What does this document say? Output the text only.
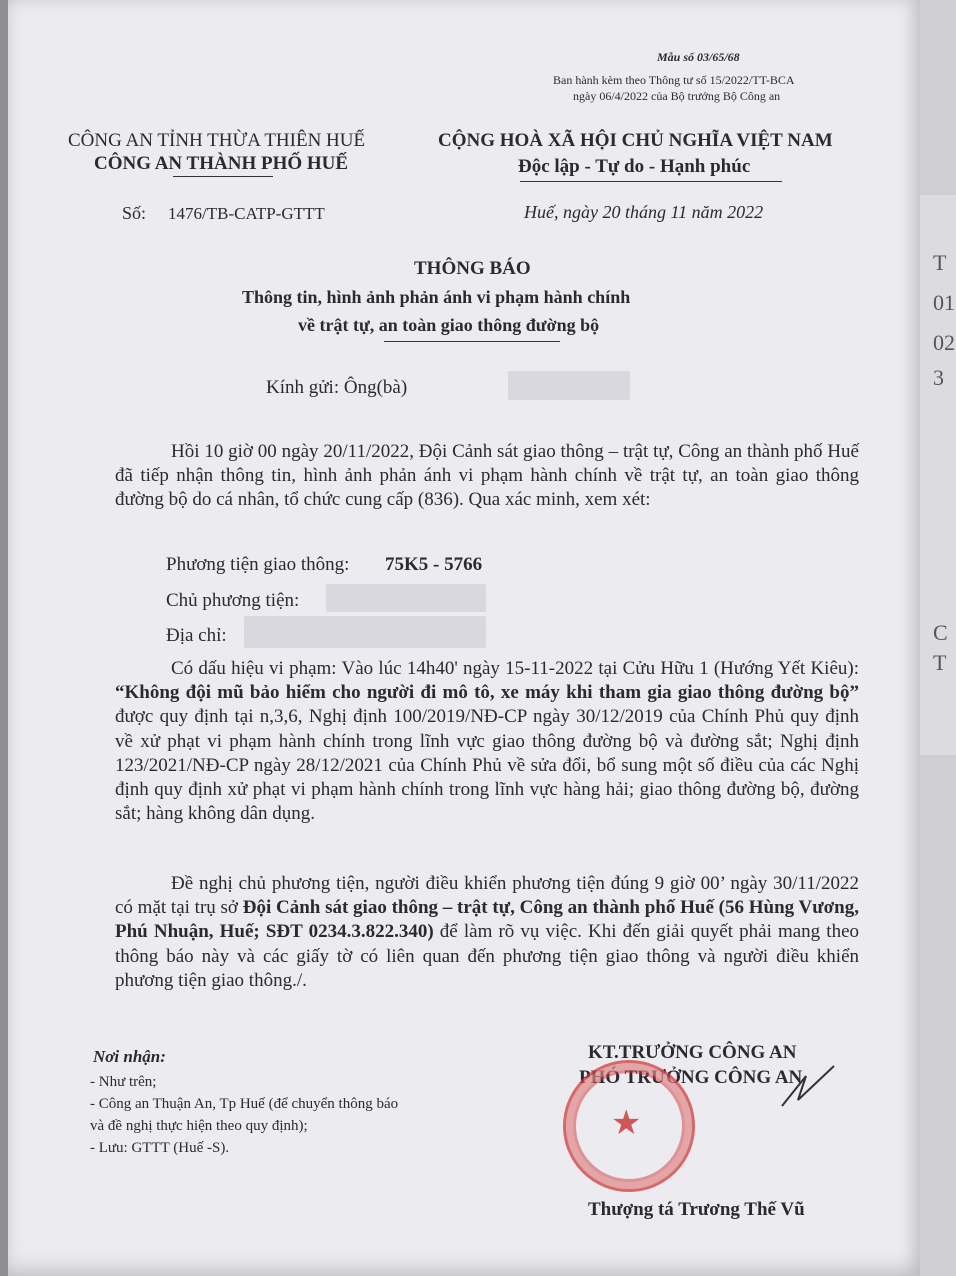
T
01
02
3
C
T
Mẫu số 03/65/68
Ban hành kèm theo Thông tư số 15/2022/TT-BCA
ngày 06/4/2022 của Bộ trưởng Bộ Công an
CÔNG AN TỈNH THỪA THIÊN HUẾ
CÔNG AN THÀNH PHỐ HUẾ
Số: 1476/TB-CATP-GTTT
CỘNG HOÀ XÃ HỘI CHỦ NGHĨA VIỆT NAM
Độc lập - Tự do - Hạnh phúc
Huế, ngày 20 tháng 11 năm 2022
THÔNG BÁO
Thông tin, hình ảnh phản ánh vi phạm hành chính
về trật tự, an toàn giao thông đường bộ
Kính gửi: Ông(bà)
Hồi 10 giờ 00 ngày 20/11/2022, Đội Cảnh sát giao thông – trật tự, Công an thành phố Huế đã tiếp nhận thông tin, hình ảnh phản ánh vi phạm hành chính về trật tự, an toàn giao thông đường bộ do cá nhân, tổ chức cung cấp (836). Qua xác minh, xem xét:
Phương tiện giao thông: 75K5 - 5766
Chủ phương tiện:
Địa chỉ:
Có dấu hiệu vi phạm: Vào lúc 14h40' ngày 15-11-2022 tại Cửu Hữu 1 (Hướng Yết Kiêu): “Không đội mũ bảo hiểm cho người đi mô tô, xe máy khi tham gia giao thông đường bộ” được quy định tại n,3,6, Nghị định 100/2019/NĐ-CP ngày 30/12/2019 của Chính Phủ quy định về xử phạt vi phạm hành chính trong lĩnh vực giao thông đường bộ và đường sắt; Nghị định 123/2021/NĐ-CP ngày 28/12/2021 của Chính Phủ về sửa đổi, bổ sung một số điều của các Nghị định quy định xử phạt vi phạm hành chính trong lĩnh vực hàng hải; giao thông đường bộ, đường sắt; hàng không dân dụng.
Đề nghị chủ phương tiện, người điều khiển phương tiện đúng 9 giờ 00’ ngày 30/11/2022 có mặt tại trụ sở Đội Cảnh sát giao thông – trật tự, Công an thành phố Huế (56 Hùng Vương, Phú Nhuận, Huế; SĐT 0234.3.822.340) để làm rõ vụ việc. Khi đến giải quyết phải mang theo thông báo này và các giấy tờ có liên quan đến phương tiện giao thông và người điều khiển phương tiện giao thông./.
Nơi nhận:
- Như trên;
- Công an Thuận An, Tp Huế (để chuyển thông báo
và đề nghị thực hiện theo quy định);
- Lưu: GTTT (Huế -S).
KT.TRƯỞNG CÔNG AN
PHÓ TRƯỞNG CÔNG AN
★
Thượng tá Trương Thế Vũ
